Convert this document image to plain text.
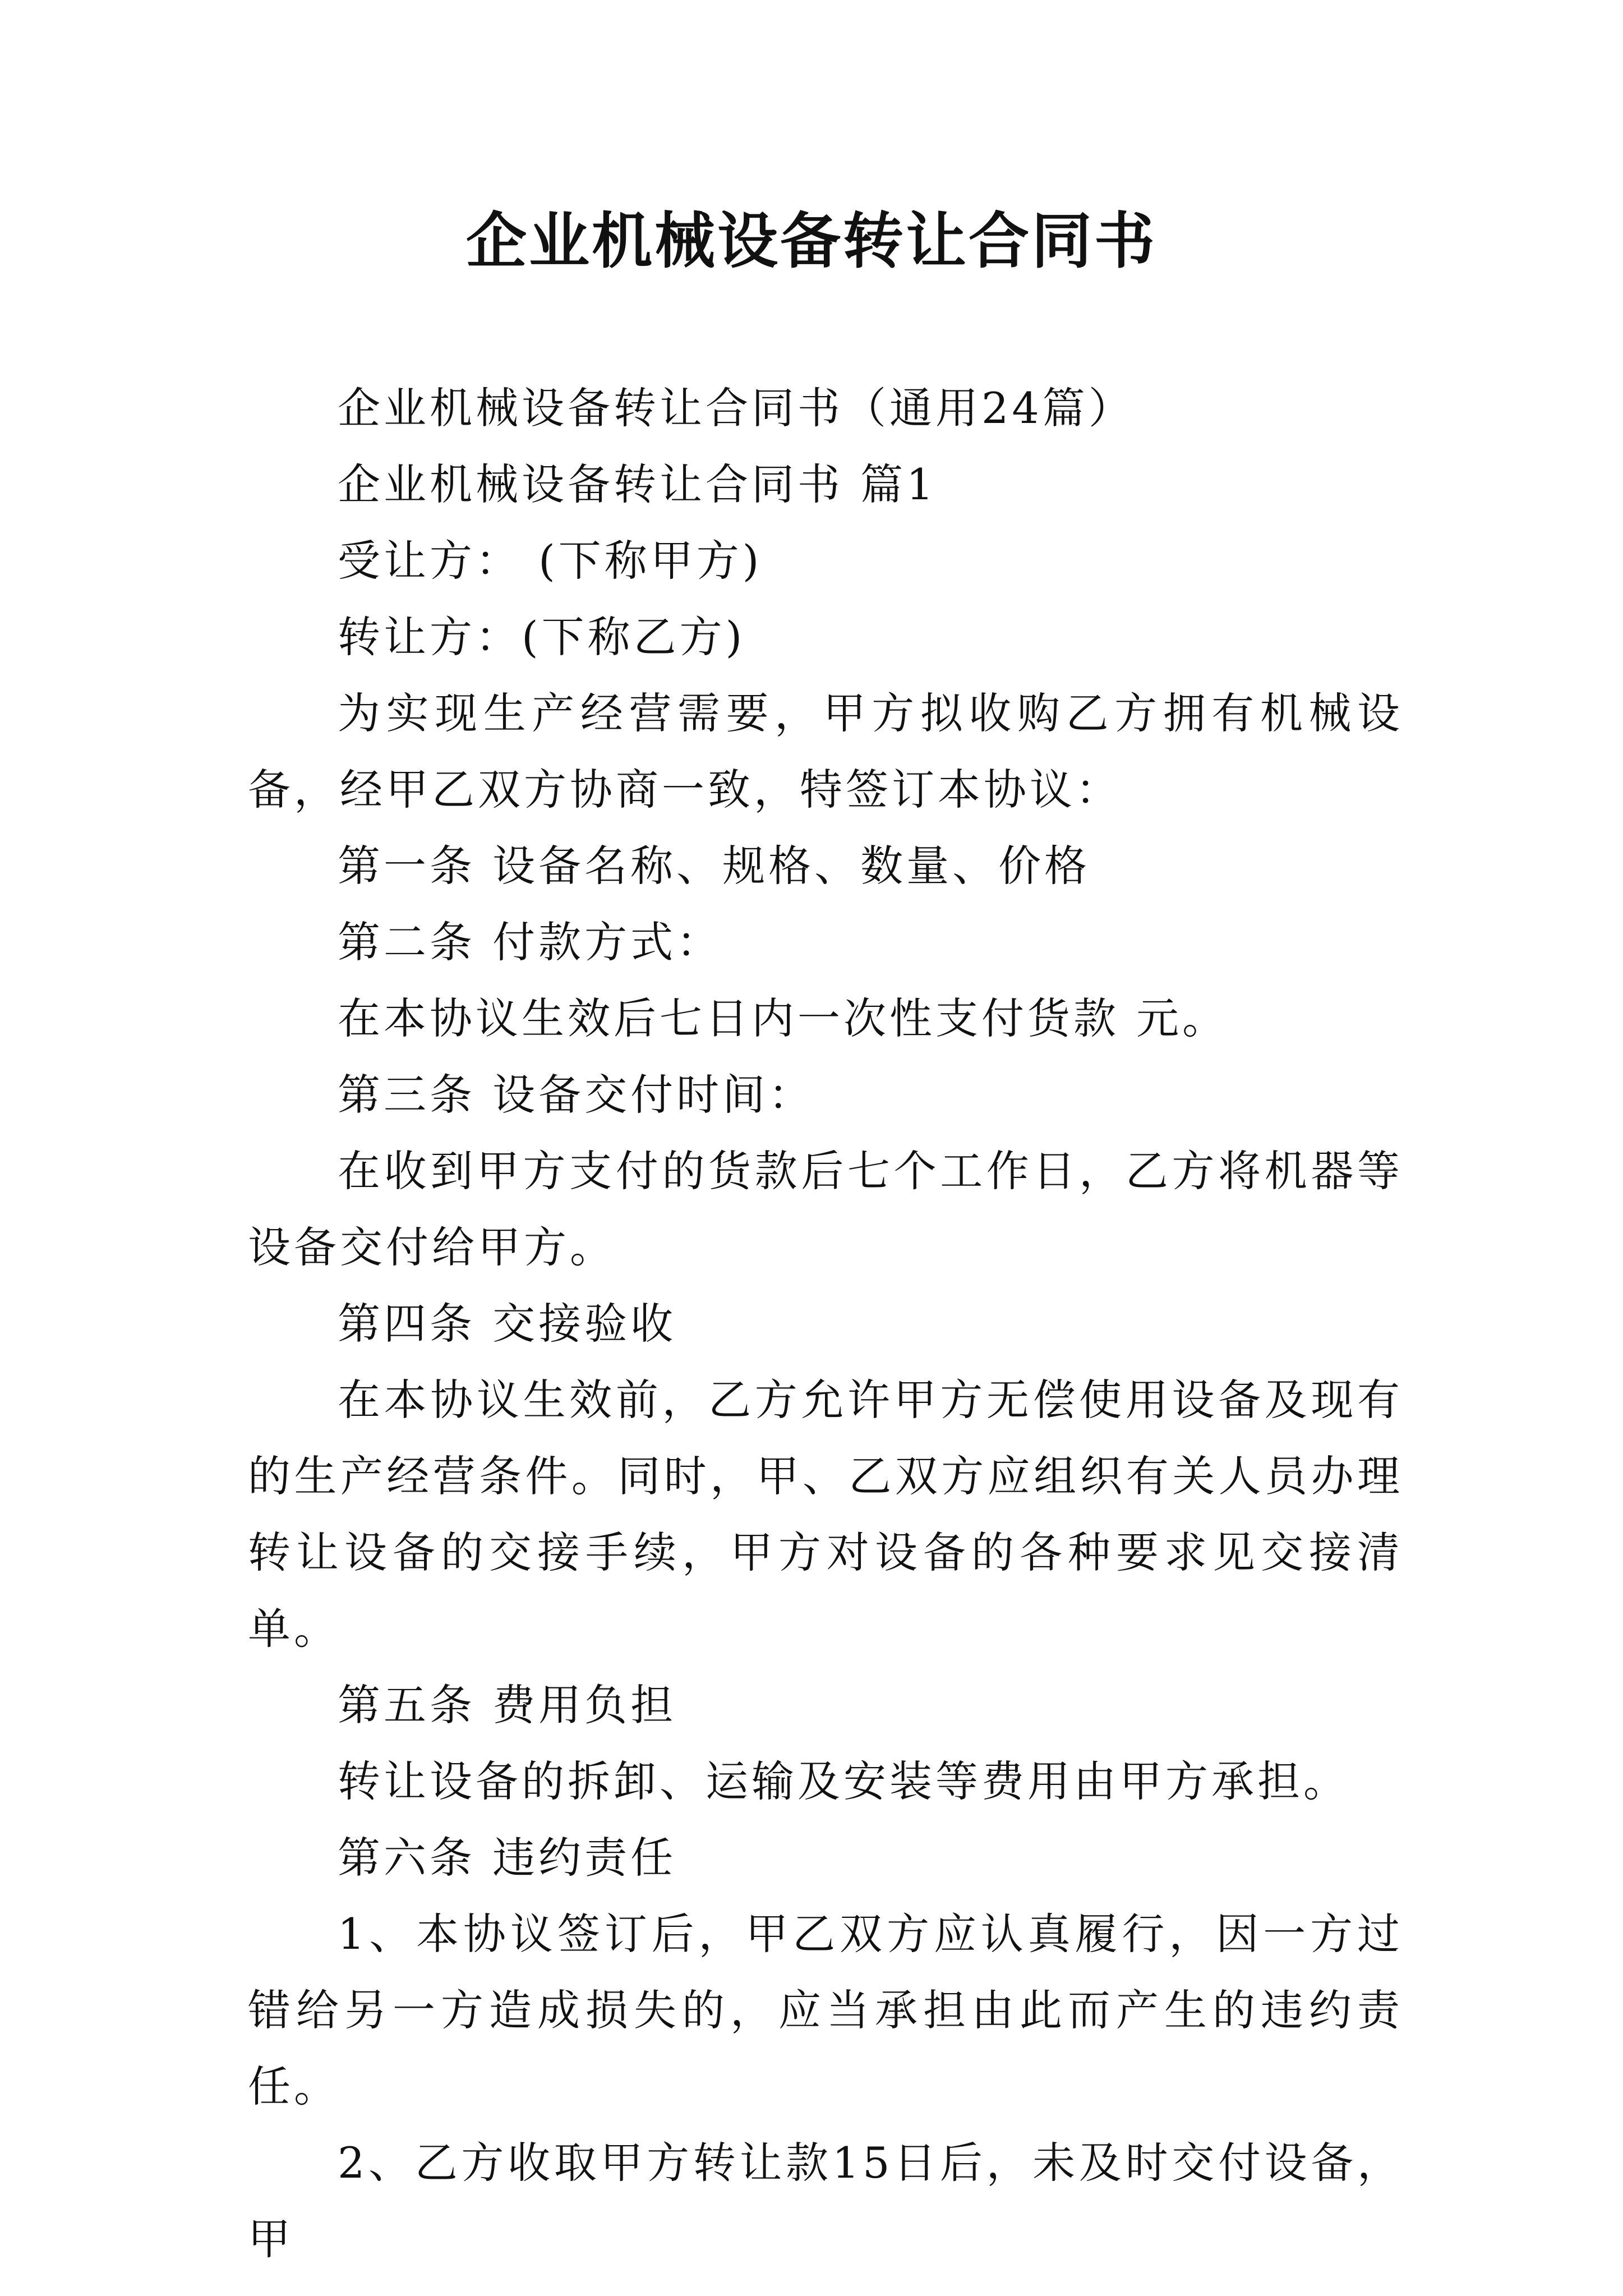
企业机械设备转让合同书

企业机械设备转让合同书（通用24篇）

企业机械设备转让合同书 篇1

受让方： (下称甲方)

转让方：(下称乙方)

为实现生产经营需要，甲方拟收购乙方拥有机械设备，经甲乙双方协商一致，特签订本协议：

第一条 设备名称、规格、数量、价格

第二条 付款方式：

在本协议生效后七日内一次性支付货款 元。

第三条 设备交付时间：

在收到甲方支付的货款后七个工作日，乙方将机器等设备交付给甲方。

第四条 交接验收

在本协议生效前，乙方允许甲方无偿使用设备及现有的生产经营条件。同时，甲、乙双方应组织有关人员办理转让设备的交接手续，甲方对设备的各种要求见交接清单。

第五条 费用负担

转让设备的拆卸、运输及安装等费用由甲方承担。

第六条 违约责任

1、本协议签订后，甲乙双方应认真履行，因一方过错给另一方造成损失的，应当承担由此而产生的违约责任。

2、乙方收取甲方转让款15日后，未及时交付设备，甲
